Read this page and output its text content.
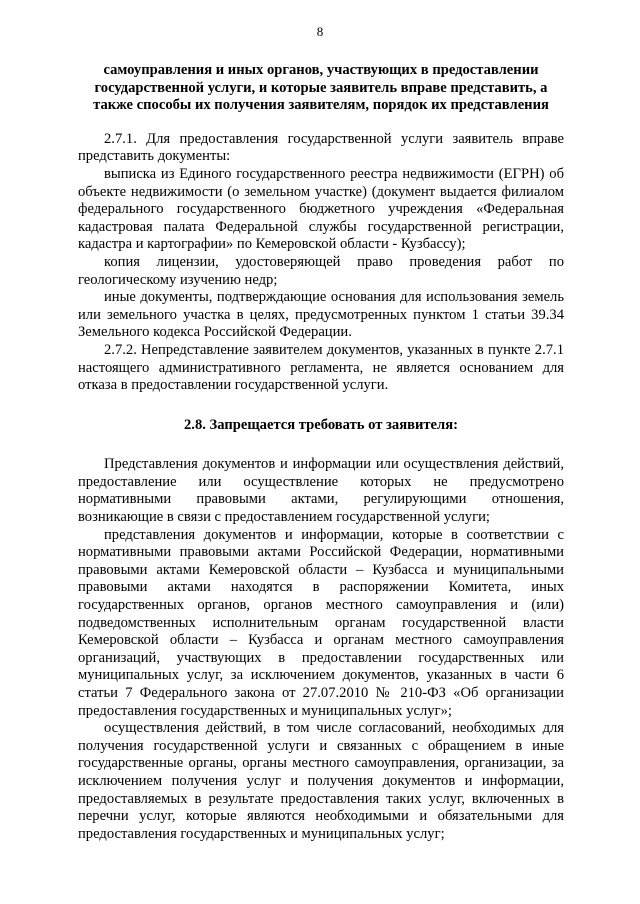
8

самоуправления и иных органов, участвующих в предоставлении государственной услуги, и которые заявитель вправе представить, а также способы их получения заявителям, порядок их представления

2.7.1. Для предоставления государственной услуги заявитель вправе представить документы:

выписка из Единого государственного реестра недвижимости (ЕГРН) об объекте недвижимости (о земельном участке) (документ выдается филиалом федерального государственного бюджетного учреждения «Федеральная кадастровая палата Федеральной службы государственной регистрации, кадастра и картографии» по Кемеровской области - Кузбассу);

копия лицензии, удостоверяющей право проведения работ по геологическому изучению недр;

иные документы, подтверждающие основания для использования земель или земельного участка в целях, предусмотренных пунктом 1 статьи 39.34 Земельного кодекса Российской Федерации.

2.7.2. Непредставление заявителем документов, указанных в пункте 2.7.1 настоящего административного регламента, не является основанием для отказа в предоставлении государственной услуги.

2.8. Запрещается требовать от заявителя:

Представления документов и информации или осуществления действий, предоставление или осуществление которых не предусмотрено нормативными правовыми актами, регулирующими отношения, возникающие в связи с предоставлением государственной услуги;

представления документов и информации, которые в соответствии с нормативными правовыми актами Российской Федерации, нормативными правовыми актами Кемеровской области – Кузбасса и муниципальными правовыми актами находятся в распоряжении Комитета, иных государственных органов, органов местного самоуправления и (или) подведомственных исполнительным органам государственной власти Кемеровской области – Кузбасса и органам местного самоуправления организаций, участвующих в предоставлении государственных или муниципальных услуг, за исключением документов, указанных в части 6 статьи 7 Федерального закона от 27.07.2010 № 210-ФЗ «Об организации предоставления государственных и муниципальных услуг»;

осуществления действий, в том числе согласований, необходимых для получения государственной услуги и связанных с обращением в иные государственные органы, органы местного самоуправления, организации, за исключением получения услуг и получения документов и информации, предоставляемых в результате предоставления таких услуг, включенных в перечни услуг, которые являются необходимыми и обязательными для предоставления государственных и муниципальных услуг;
